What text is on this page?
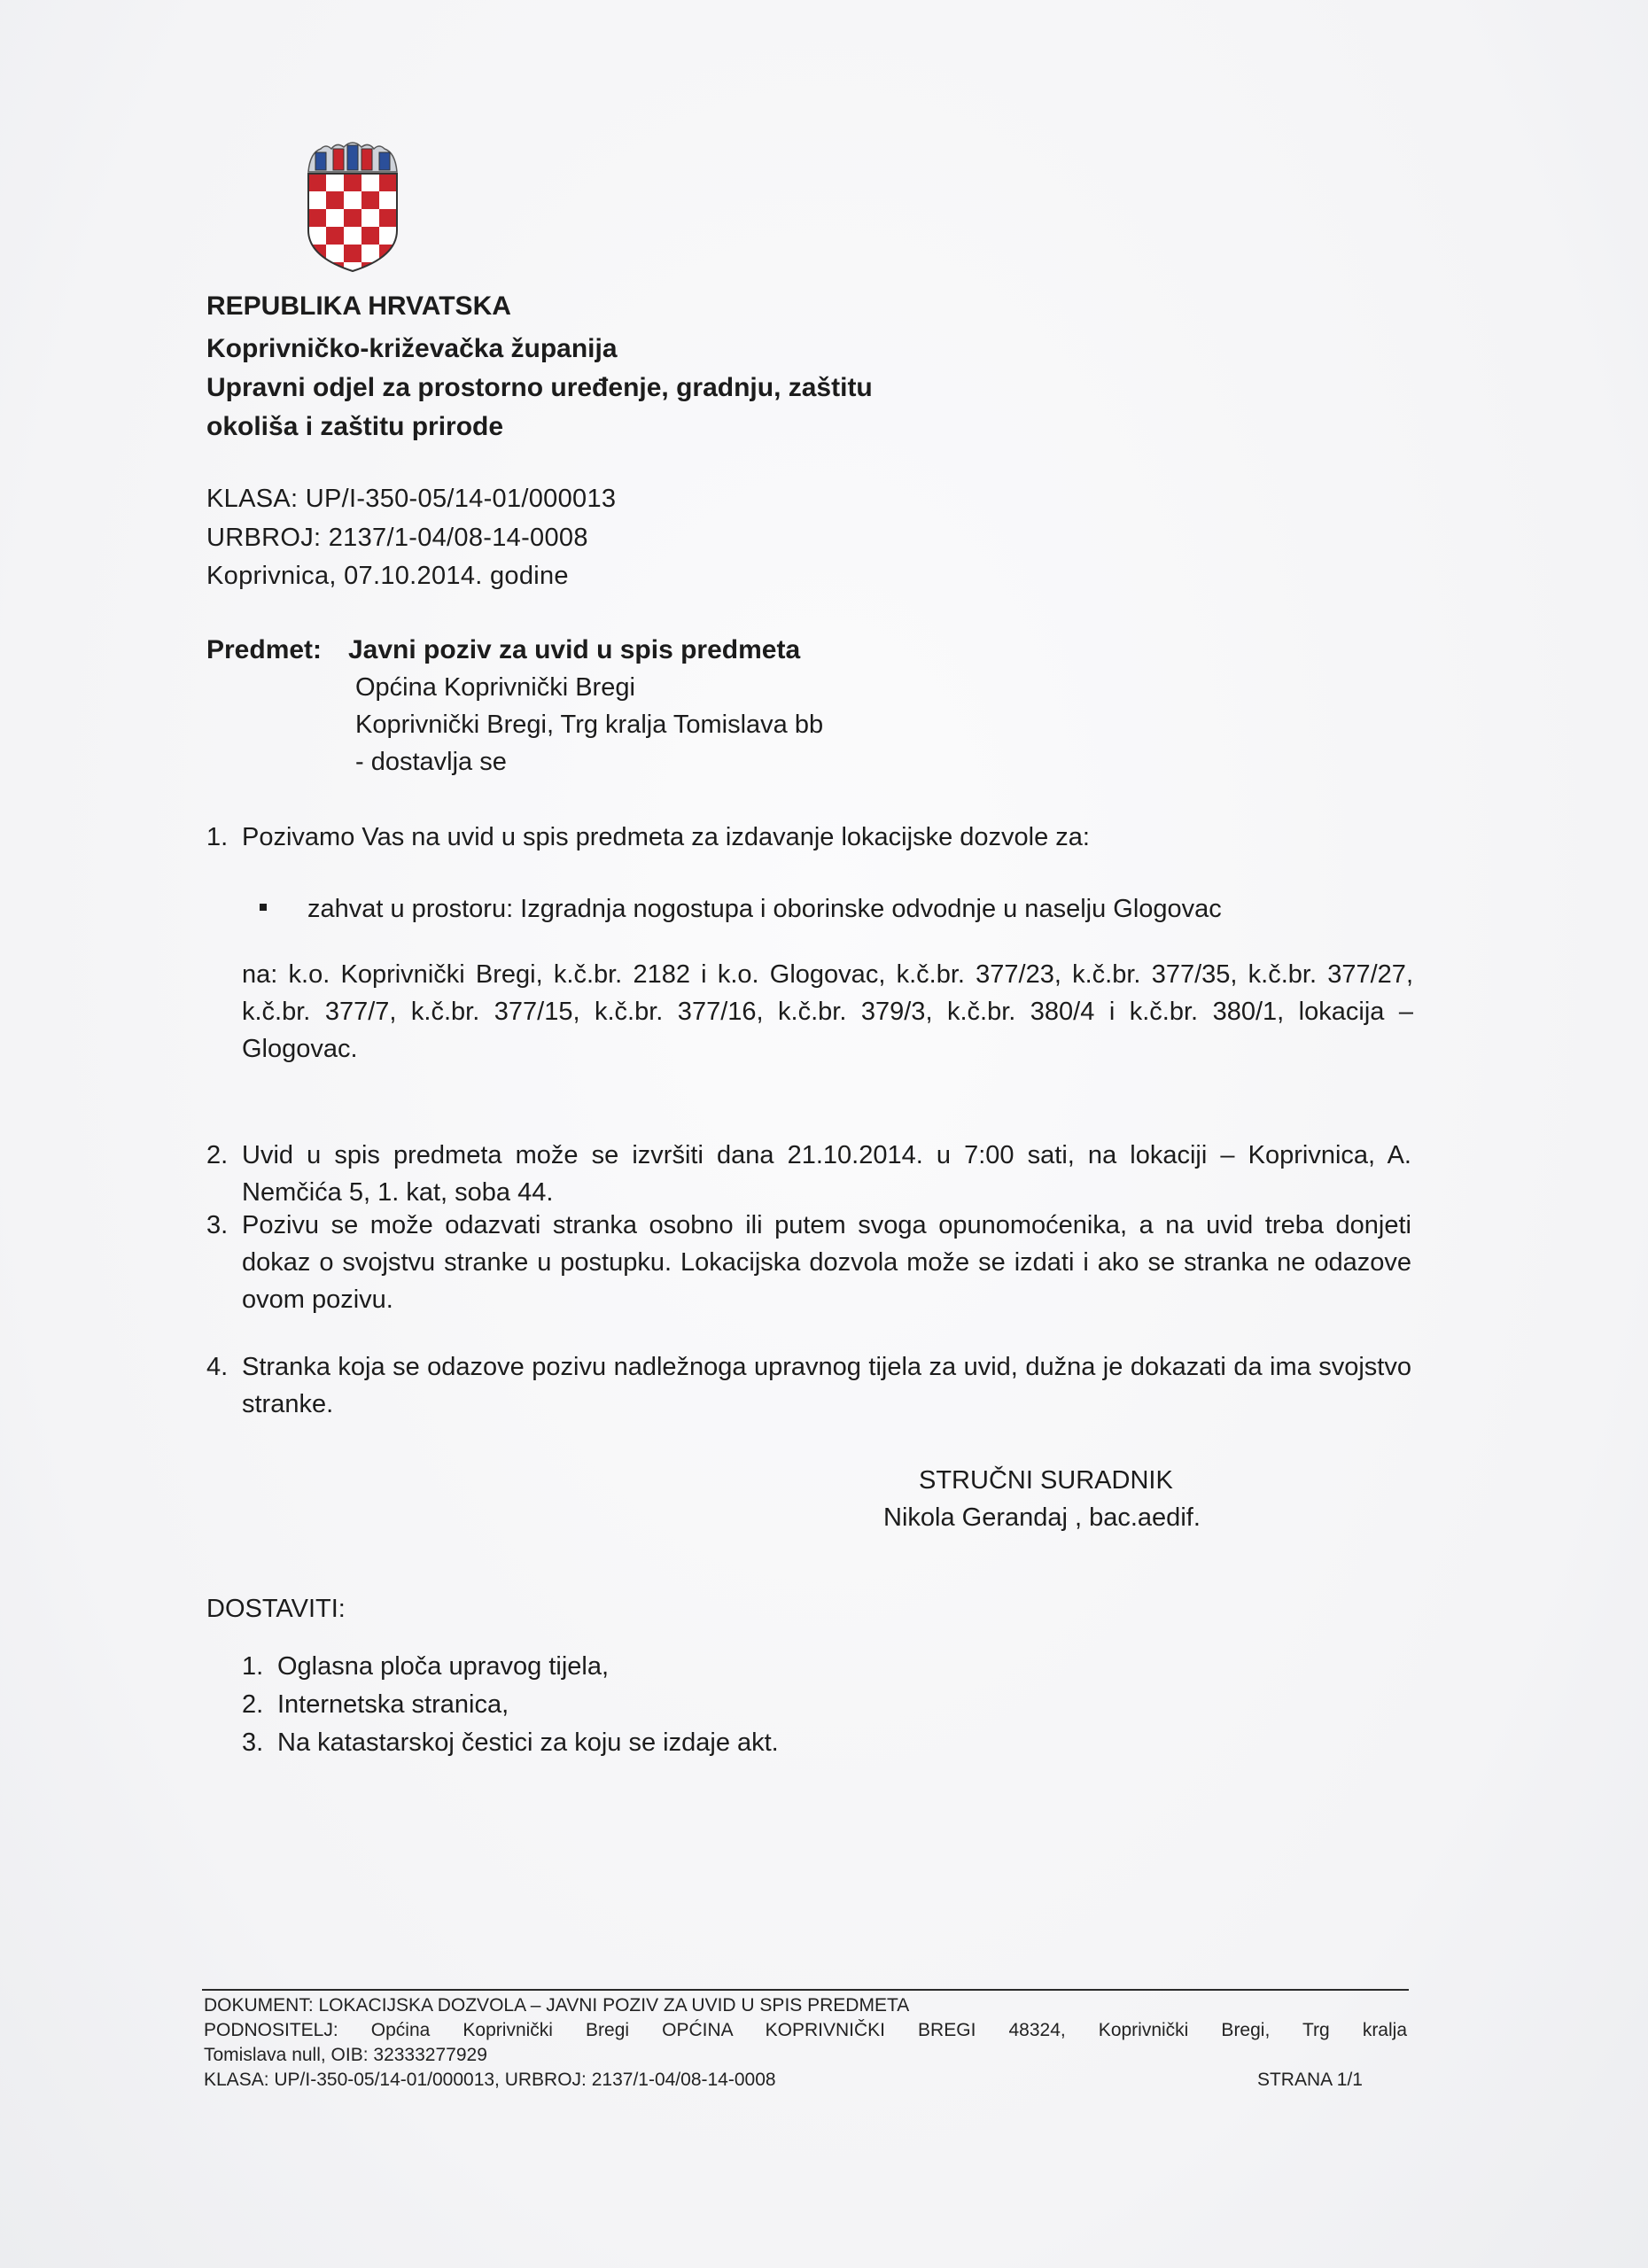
REPUBLIKA HRVATSKA
Koprivničko-križevačka županija
Upravni odjel za prostorno uređenje, gradnju, zaštitu
okoliša i zaštitu prirode
KLASA: UP/I-350-05/14-01/000013
URBROJ: 2137/1-04/08-14-0008
Koprivnica, 07.10.2014. godine
Predmet: Javni poziv za uvid u spis predmeta
Općina Koprivnički Bregi
Koprivnički Bregi, Trg kralja Tomislava bb
- dostavlja se
1. Pozivamo Vas na uvid u spis predmeta za izdavanje lokacijske dozvole za:
zahvat u prostoru: Izgradnja nogostupa i oborinske odvodnje u naselju Glogovac
na: k.o. Koprivnički Bregi, k.č.br. 2182 i k.o. Glogovac, k.č.br. 377/23, k.č.br. 377/35, k.č.br. 377/27, k.č.br. 377/7, k.č.br. 377/15, k.č.br. 377/16, k.č.br. 379/3, k.č.br. 380/4 i k.č.br. 380/1, lokacija – Glogovac.
2. Uvid u spis predmeta može se izvršiti dana 21.10.2014. u 7:00 sati, na lokaciji – Koprivnica, A. Nemčića 5, 1. kat, soba 44.
3. Pozivu se može odazvati stranka osobno ili putem svoga opunomoćenika, a na uvid treba donjeti dokaz o svojstvu stranke u postupku. Lokacijska dozvola može se izdati i ako se stranka ne odazove ovom pozivu.
4. Stranka koja se odazove pozivu nadležnoga upravnog tijela za uvid, dužna je dokazati da ima svojstvo stranke.
STRUČNI SURADNIK
Nikola Gerandaj , bac.aedif.
DOSTAVITI:
1. Oglasna ploča upravog tijela,
2. Internetska stranica,
3. Na katastarskoj čestici za koju se izdaje akt.
DOKUMENT: LOKACIJSKA DOZVOLA – JAVNI POZIV ZA UVID U SPIS PREDMETA
PODNOSITELJ: Općina Koprivnički Bregi OPĆINA KOPRIVNIČKI BREGI 48324, Koprivnički Bregi, Trg kralja
Tomislava null, OIB: 32333277929
KLASA: UP/I-350-05/14-01/000013, URBROJ: 2137/1-04/08-14-0008	STRANA 1/1
